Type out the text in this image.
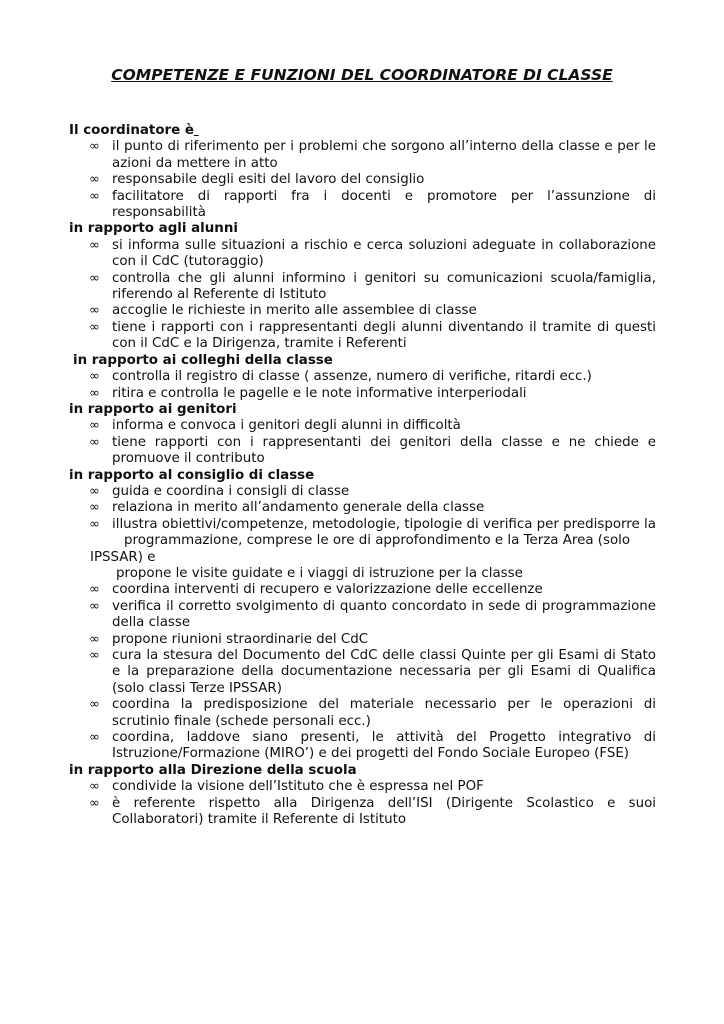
COMPETENZE E FUNZIONI DEL COORDINATORE DI CLASSE

Il coordinatore è

∞ il punto di riferimento per i problemi che sorgono all’interno della classe e per le azioni da mettere in atto
∞ responsabile degli esiti del lavoro del consiglio
∞ facilitatore di rapporti fra i docenti e promotore per l’assunzione di responsabilità

in rapporto agli alunni

∞ si informa sulle situazioni a rischio e cerca soluzioni adeguate in collaborazione con il CdC (tutoraggio)
∞ controlla che gli alunni informino i genitori su comunicazioni scuola/famiglia, riferendo al Referente di Istituto
∞ accoglie le richieste in merito alle assemblee di classe
∞ tiene i rapporti con i rappresentanti degli alunni diventando il tramite di questi con il CdC e la Dirigenza, tramite i Referenti

in rapporto ai colleghi della classe

∞ controlla il registro di classe ( assenze, numero di verifiche, ritardi ecc.)
∞ ritira e controlla le pagelle e le note informative interperiodali

in rapporto ai genitori

∞ informa e convoca i genitori degli alunni in difficoltà
∞ tiene rapporti con i rappresentanti dei genitori della classe e ne chiede e promuove il contributo

in rapporto al consiglio di classe

∞ guida e coordina i consigli di classe
∞ relaziona in merito all’andamento generale della classe
∞ illustra obiettivi/competenze, metodologie, tipologie di verifica per predisporre la
programmazione, comprese le ore di approfondimento e la Terza Area (solo
IPSSAR) e
propone le visite guidate e i viaggi di istruzione per la classe
∞ coordina interventi di recupero e valorizzazione delle eccellenze
∞ verifica il corretto svolgimento di quanto concordato in sede di programmazione della classe
∞ propone riunioni straordinarie del CdC
∞ cura la stesura del Documento del CdC delle classi Quinte per gli Esami di Stato e la preparazione della documentazione necessaria per gli Esami di Qualifica (solo classi Terze IPSSAR)
∞ coordina la predisposizione del materiale necessario per le operazioni di scrutinio finale (schede personali ecc.)
∞ coordina, laddove siano presenti, le attività del Progetto integrativo di Istruzione/Formazione (MIRO’) e dei progetti del Fondo Sociale Europeo (FSE)

in rapporto alla Direzione della scuola

∞ condivide la visione dell’Istituto che è espressa nel POF
∞ è referente rispetto alla Dirigenza dell’ISI (Dirigente Scolastico e suoi Collaboratori) tramite il Referente di Istituto
